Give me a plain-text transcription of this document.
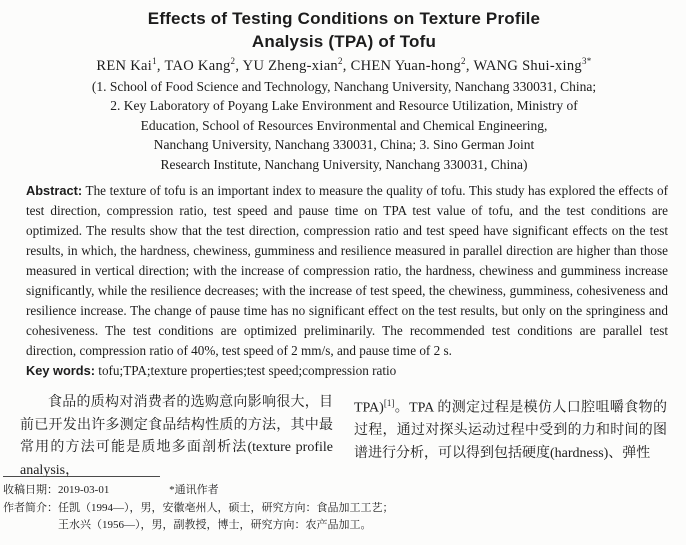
Effects of Testing Conditions on Texture Profile
Analysis (TPA) of Tofu
REN Kai$^1$, TAO Kang$^2$, YU Zheng-xian$^2$, CHEN Yuan-hong$^2$, WANG Shui-xing$^{3*}$
(1. School of Food Science and Technology, Nanchang University, Nanchang 330031, China;
2. Key Laboratory of Poyang Lake Environment and Resource Utilization, Ministry of
Education, School of Resources Environmental and Chemical Engineering,
Nanchang University, Nanchang 330031, China; 3. Sino German Joint
Research Institute, Nanchang University, Nanchang 330031, China)

Abstract: The texture of tofu is an important index to measure the quality of tofu. This study has explored the effects of test direction, compression ratio, test speed and pause time on TPA test value of tofu, and the test conditions are optimized. The results show that the test direction, compression ratio and test speed have significant effects on the test results, in which, the hardness, chewiness, gumminess and resilience measured in parallel direction are higher than those measured in vertical direction; with the increase of compression ratio, the hardness, chewiness and gumminess increase significantly, while the resilience decreases; with the increase of test speed, the chewiness, gumminess, cohesiveness and resilience increase. The change of pause time has no significant effect on the test results, but only on the springiness and cohesiveness. The test conditions are optimized preliminarily. The recommended test conditions are parallel test direction, compression ratio of 40%, test speed of 2 mm/s, and pause time of 2 s.

Key words: tofu;TPA;texture properties;test speed;compression ratio

食品的质构对消费者的选购意向影响很大，目前已开发出许多测定食品结构性质的方法，其中最常用的方法可能是质地多面剖析法(texture profile analysis，

TPA)[1]。TPA 的测定过程是模仿人口腔咀嚼食物的过程，通过对探头运动过程中受到的力和时间的图谱进行分析，可以得到包括硬度(hardness)、弹性

收稿日期：2019-03-01	*通讯作者
作者简介：任凯（1994—），男，安徽亳州人，硕士，研究方向：食品加工工艺；
王水兴（1956—），男，副教授，博士，研究方向：农产品加工。
